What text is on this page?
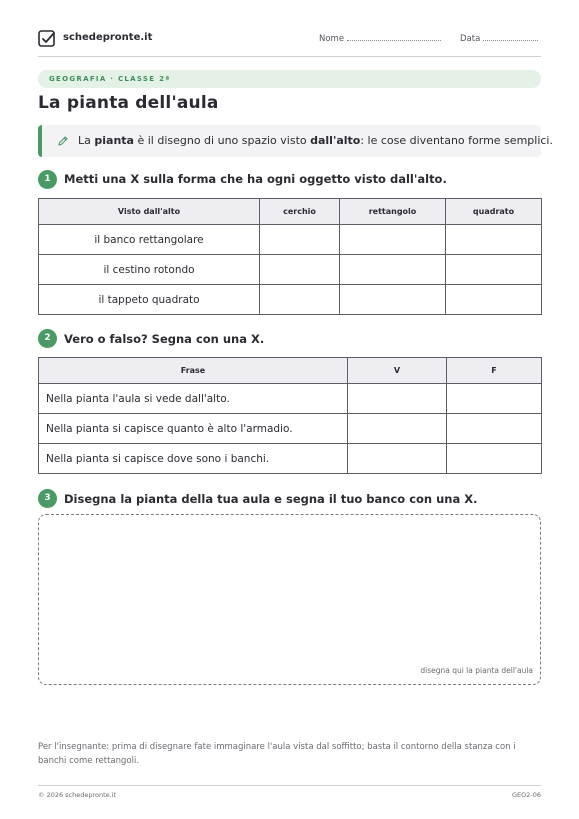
schedepronte.it	Nome	Data
GEOGRAFIA · CLASSE 2ª
La pianta dell'aula
La pianta è il disegno di uno spazio visto dall'alto: le cose diventano forme semplici.
1	Metti una X sulla forma che ha ogni oggetto visto dall'alto.
Visto dall'alto	cerchio	rettangolo	quadrato
il banco rettangolare			
il cestino rotondo			
il tappeto quadrato			
2	Vero o falso? Segna con una X.
Frase	V	F
Nella pianta l'aula si vede dall'alto.		
Nella pianta si capisce quanto è alto l'armadio.		
Nella pianta si capisce dove sono i banchi.		
3	Disegna la pianta della tua aula e segna il tuo banco con una X.
disegna qui la pianta dell'aula
Per l'insegnante: prima di disegnare fate immaginare l'aula vista dal soffitto; basta il contorno della stanza con i banchi come rettangoli.
© 2026 schedepronte.it	GEO2-06
